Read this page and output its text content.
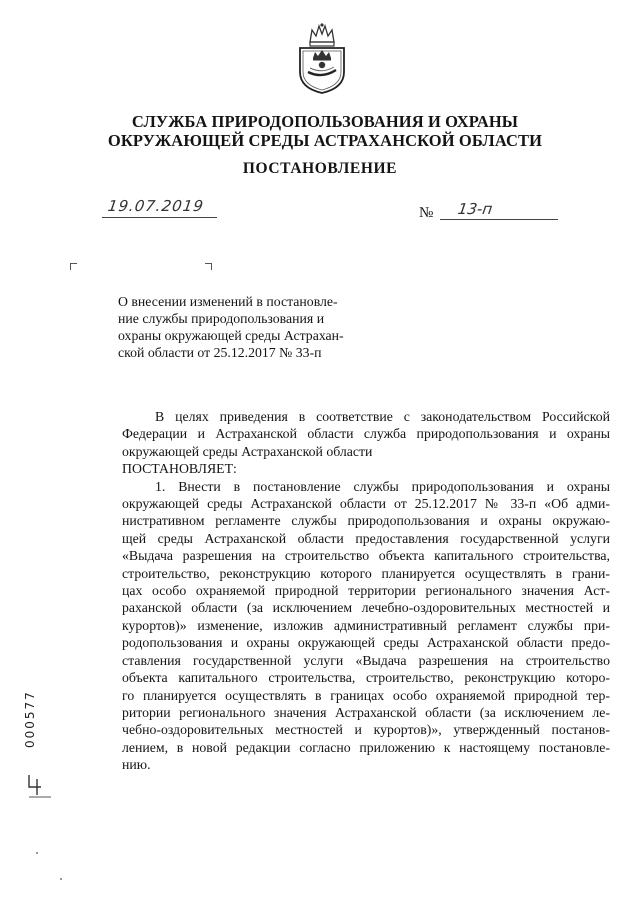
СЛУЖБА ПРИРОДОПОЛЬЗОВАНИЯ И ОХРАНЫ
ОКРУЖАЮЩЕЙ СРЕДЫ АСТРАХАНСКОЙ ОБЛАСТИ
ПОСТАНОВЛЕНИЕ
19.07.2019	№ 13-п
О внесении изменений в постановле-
ние службы природопользования и
охраны окружающей среды Астрахан-
ской области от 25.12.2017 № 33-п
В целях приведения в соответствие с законодательством Российской
Федерации и Астраханской области служба природопользования и охраны
окружающей среды Астраханской области
ПОСТАНОВЛЯЕТ:
1. Внести в постановление службы природопользования и охраны
окружающей среды Астраханской области от 25.12.2017 № 33-п «Об адми-
нистративном регламенте службы природопользования и охраны окружаю-
щей среды Астраханской области предоставления государственной услуги
«Выдача разрешения на строительство объекта капитального строительства,
строительство, реконструкцию которого планируется осуществлять в грани-
цах особо охраняемой природной территории регионального значения Аст-
раханской области (за исключением лечебно-оздоровительных местностей и
курортов)» изменение, изложив административный регламент службы при-
родопользования и охраны окружающей среды Астраханской области предо-
ставления государственной услуги «Выдача разрешения на строительство
объекта капитального строительства, строительство, реконструкцию которо-
го планируется осуществлять в границах особо охраняемой природной тер-
ритории регионального значения Астраханской области (за исключением ле-
чебно-оздоровительных местностей и курортов)», утвержденный постанов-
лением, в новой редакции согласно приложению к настоящему постановле-
нию.
000577
